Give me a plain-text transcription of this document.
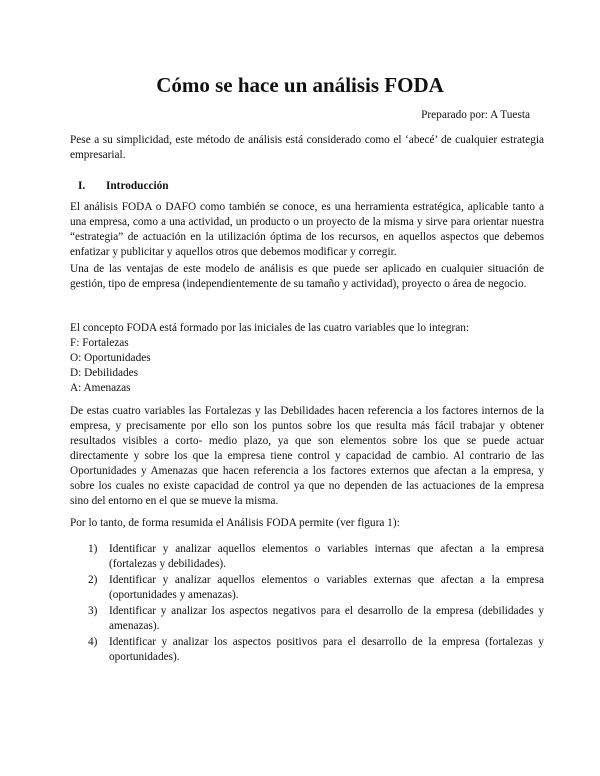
Cómo se hace un análisis FODA

Preparado por: A Tuesta

Pese a su simplicidad, este método de análisis está considerado como el ‘abecé’ de cualquier estrategia empresarial.

I. Introducción

El análisis FODA o DAFO como también se conoce, es una herramienta estratégica, aplicable tanto a una empresa, como a una actividad, un producto o un proyecto de la misma y sirve para orientar nuestra “estrategia” de actuación en la utilización óptima de los recursos, en aquellos aspectos que debemos enfatizar y publicitar y aquellos otros que debemos modificar y corregir.

Una de las ventajas de este modelo de análisis es que puede ser aplicado en cualquier situación de gestión, tipo de empresa (independientemente de su tamaño y actividad), proyecto o área de negocio.

El concepto FODA está formado por las iniciales de las cuatro variables que lo integran:

F: Fortalezas
O: Oportunidades
D: Debilidades
A: Amenazas

De estas cuatro variables las Fortalezas y las Debilidades hacen referencia a los factores internos de la empresa, y precisamente por ello son los puntos sobre los que resulta más fácil trabajar y obtener resultados visibles a corto- medio plazo, ya que son elementos sobre los que se puede actuar directamente y sobre los que la empresa tiene control y capacidad de cambio. Al contrario de las Oportunidades y Amenazas que hacen referencia a los factores externos que afectan a la empresa, y sobre los cuales no existe capacidad de control ya que no dependen de las actuaciones de la empresa sino del entorno en el que se mueve la misma.

Por lo tanto, de forma resumida el Análisis FODA permite (ver figura 1):

1) Identificar y analizar aquellos elementos o variables internas que afectan a la empresa (fortalezas y debilidades).
2) Identificar y analizar aquellos elementos o variables externas que afectan a la empresa (oportunidades y amenazas).
3) Identificar y analizar los aspectos negativos para el desarrollo de la empresa (debilidades y amenazas).
4) Identificar y analizar los aspectos positivos para el desarrollo de la empresa (fortalezas y oportunidades).
